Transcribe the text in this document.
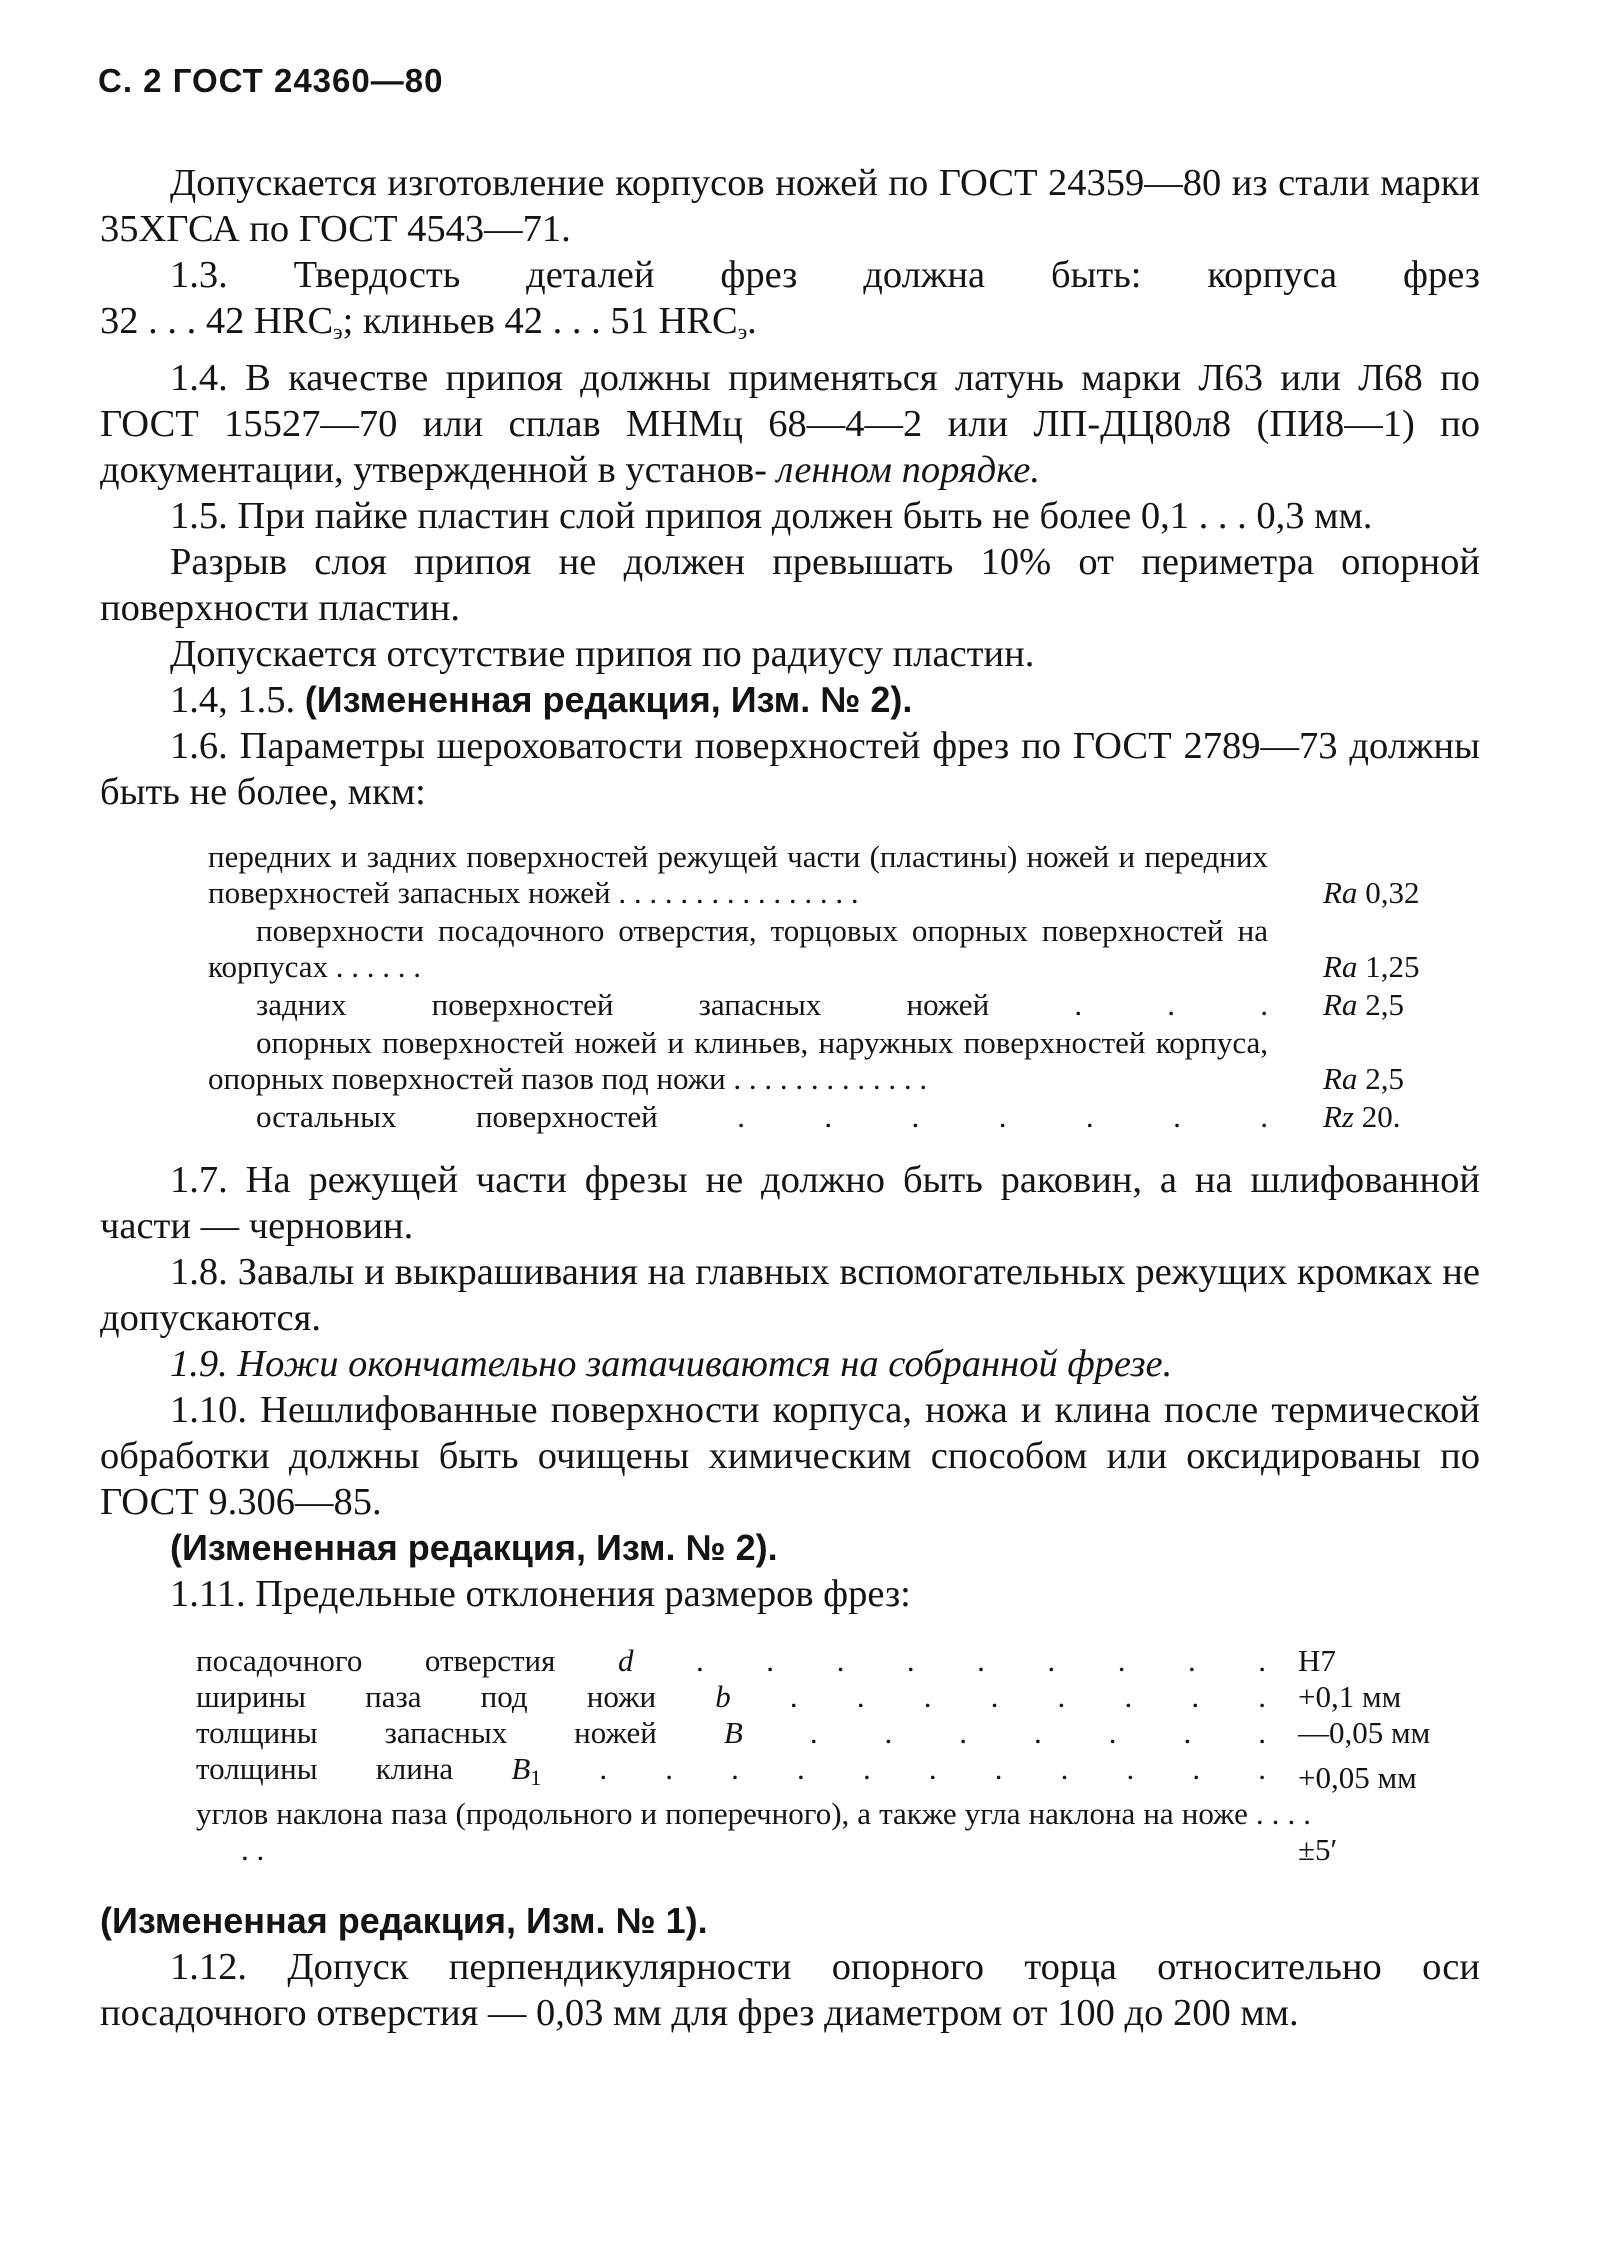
С. 2 ГОСТ 24360—80

Допускается изготовление корпусов ножей по ГОСТ 24359—80 из стали марки 35ХГСА по ГОСТ 4543—71.

1.3. Твердость деталей фрез должна быть: корпуса фрез

32 . . . 42 $HRC_э$; клиньев 42 . . . 51 $HRC_э$.

1.4. В качестве припоя должны применяться латунь марки Л63 или Л68 по ГОСТ 15527—70 или сплав МНМц 68—4—2 или ЛП-ДЦ80л8 (ПИ8—1) по документации, утвержденной в установ- ленном порядке.

1.5. При пайке пластин слой припоя должен быть не более 0,1 . . . 0,3 мм.

Разрыв слоя припоя не должен превышать 10% от периметра опорной поверхности пластин.

Допускается отсутствие припоя по радиусу пластин.

1.4, 1.5. (Измененная редакция, Изм. № 2).

1.6. Параметры шероховатости поверхностей фрез по ГОСТ 2789—73 должны быть не более, мкм:

передних и задних поверхностей режущей части (пластины) ножей и передних поверхностей запасных ножей . . . . . . . . . . . . . . . .	Ra 0,32
поверхности посадочного отверстия, торцовых опорных поверхностей на корпусах . . . . . .	Ra 1,25
задних поверхностей запасных ножей . . . Ra 2,5
опорных поверхностей ножей и клиньев, наружных поверхностей корпуса, опорных поверхностей пазов под ножи . . . . . . . . . . . . .	Ra 2,5
остальных поверхностей . . . . . . . Rz 20.

1.7. На режущей части фрезы не должно быть раковин, а на шлифованной части — черновин.

1.8. Завалы и выкрашивания на главных вспомогательных режущих кромках не допускаются.

1.9. Ножи окончательно затачиваются на собранной фрезе.

1.10. Нешлифованные поверхности корпуса, ножа и клина после термической обработки должны быть очищены химическим способом или оксидированы по ГОСТ 9.306—85.

(Измененная редакция, Изм. № 2).

1.11. Предельные отклонения размеров фрез:

посадочного отверстия d . . . . . . . . . H7
ширины паза под ножи b . . . . . . . . +0,1 мм
толщины запасных ножей B . . . . . . . —0,05 мм
толщины клина $B_1$ . . . . . . . . . . . +0,05 мм
углов наклона паза (продольного и поперечного), а также угла наклона на ноже . . . . . .	±5′

(Измененная редакция, Изм. № 1).

1.12. Допуск перпендикулярности опорного торца относительно оси посадочного отверстия — 0,03 мм для фрез диаметром от 100 до 200 мм.
